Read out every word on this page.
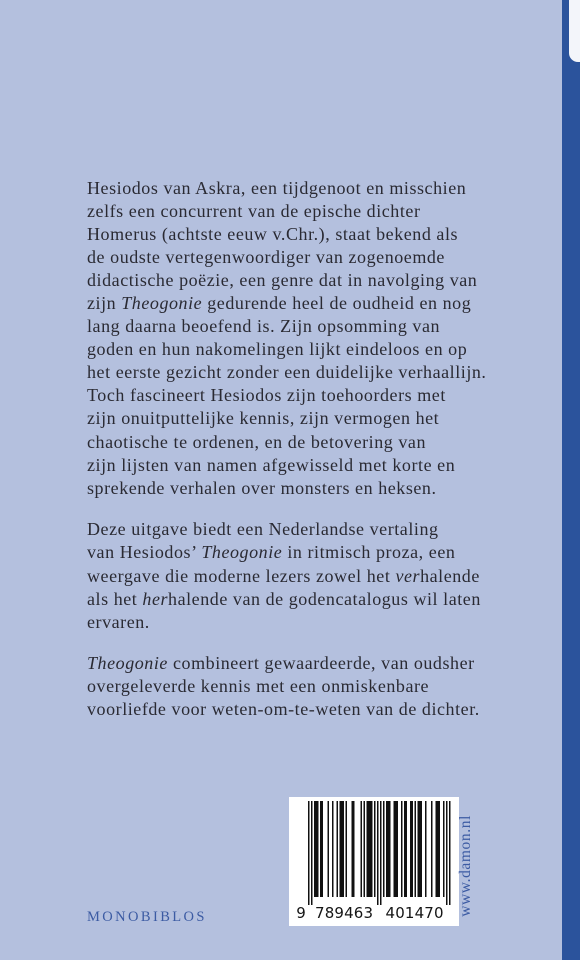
Hesiodos van Askra, een tijdgenoot en misschien
zelfs een concurrent van de epische dichter
Homerus (achtste eeuw v.Chr.), staat bekend als
de oudste vertegenwoordiger van zogenoemde
didactische poëzie, een genre dat in navolging van
zijn Theogonie gedurende heel de oudheid en nog
lang daarna beoefend is. Zijn opsomming van
goden en hun nakomelingen lijkt eindeloos en op
het eerste gezicht zonder een duidelijke verhaallijn.
Toch fascineert Hesiodos zijn toehoorders met
zijn onuitputtelijke kennis, zijn vermogen het
chaotische te ordenen, en de betovering van
zijn lijsten van namen afgewisseld met korte en
sprekende verhalen over monsters en heksen.
Deze uitgave biedt een Nederlandse vertaling
van Hesiodos’ Theogonie in ritmisch proza, een
weergave die moderne lezers zowel het verhalende
als het herhalende van de godencatalogus wil laten
ervaren.
Theogonie combineert gewaardeerde, van oudsher
overgeleverde kennis met een onmiskenbare
voorliefde voor weten-om-te-weten van de dichter.
9 789463 401470 www.damon.nl
MONOBIBLOS
